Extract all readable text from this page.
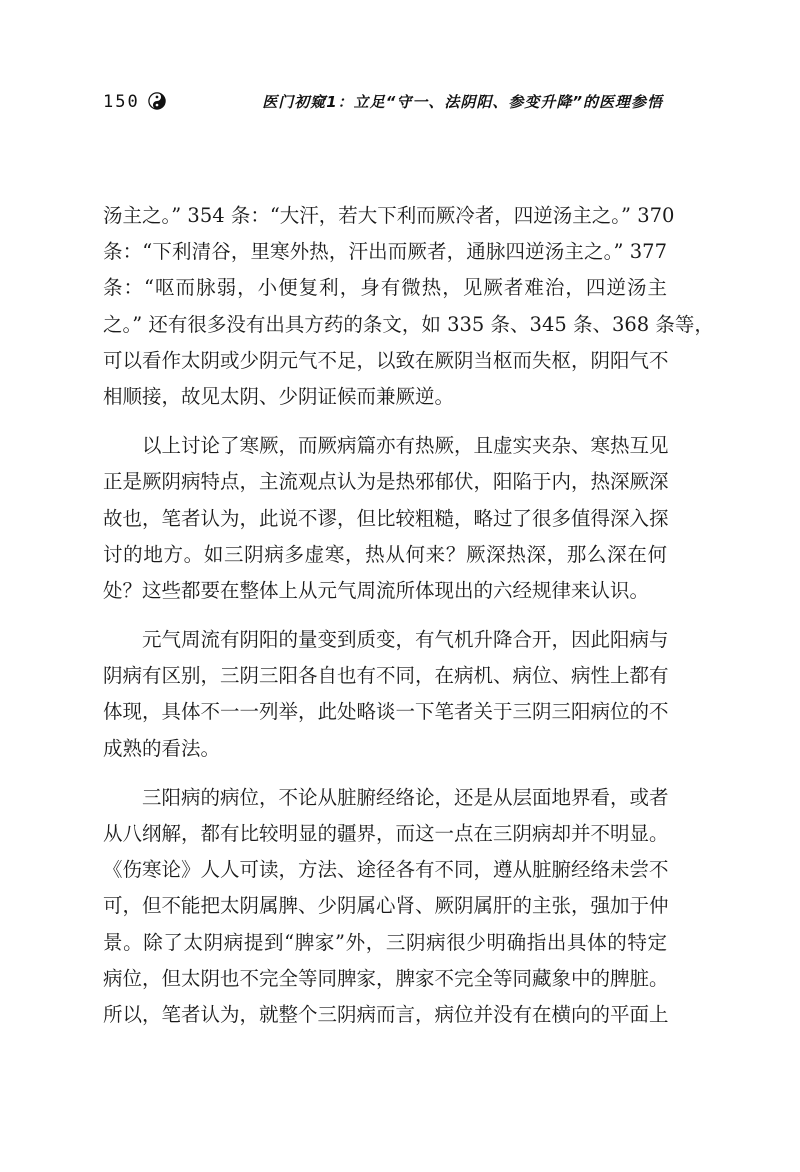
150	医门初窥1：立足“守一、法阴阳、参变升降”的医理参悟
汤主之。” 354 条：“大汗，若大下利而厥冷者，四逆汤主之。” 370
条：“下利清谷，里寒外热，汗出而厥者，通脉四逆汤主之。” 377
条：“呕而脉弱，小便复利，身有微热，见厥者难治，四逆汤主
之。” 还有很多没有出具方药的条文，如 335 条、345 条、368 条等，
可以看作太阴或少阴元气不足，以致在厥阴当枢而失枢，阴阳气不
相顺接，故见太阴、少阴证候而兼厥逆。
以上讨论了寒厥，而厥病篇亦有热厥，且虚实夹杂、寒热互见
正是厥阴病特点，主流观点认为是热邪郁伏，阳陷于内，热深厥深
故也，笔者认为，此说不谬，但比较粗糙，略过了很多值得深入探
讨的地方。如三阴病多虚寒，热从何来？厥深热深，那么深在何
处？这些都要在整体上从元气周流所体现出的六经规律来认识。
元气周流有阴阳的量变到质变，有气机升降合开，因此阳病与
阴病有区别，三阴三阳各自也有不同，在病机、病位、病性上都有
体现，具体不一一列举，此处略谈一下笔者关于三阴三阳病位的不
成熟的看法。
三阳病的病位，不论从脏腑经络论，还是从层面地界看，或者
从八纲解，都有比较明显的疆界，而这一点在三阴病却并不明显。
《伤寒论》人人可读，方法、途径各有不同，遵从脏腑经络未尝不
可，但不能把太阴属脾、少阴属心肾、厥阴属肝的主张，强加于仲
景。除了太阴病提到“脾家”外，三阴病很少明确指出具体的特定
病位，但太阴也不完全等同脾家，脾家不完全等同藏象中的脾脏。
所以，笔者认为，就整个三阴病而言，病位并没有在横向的平面上
